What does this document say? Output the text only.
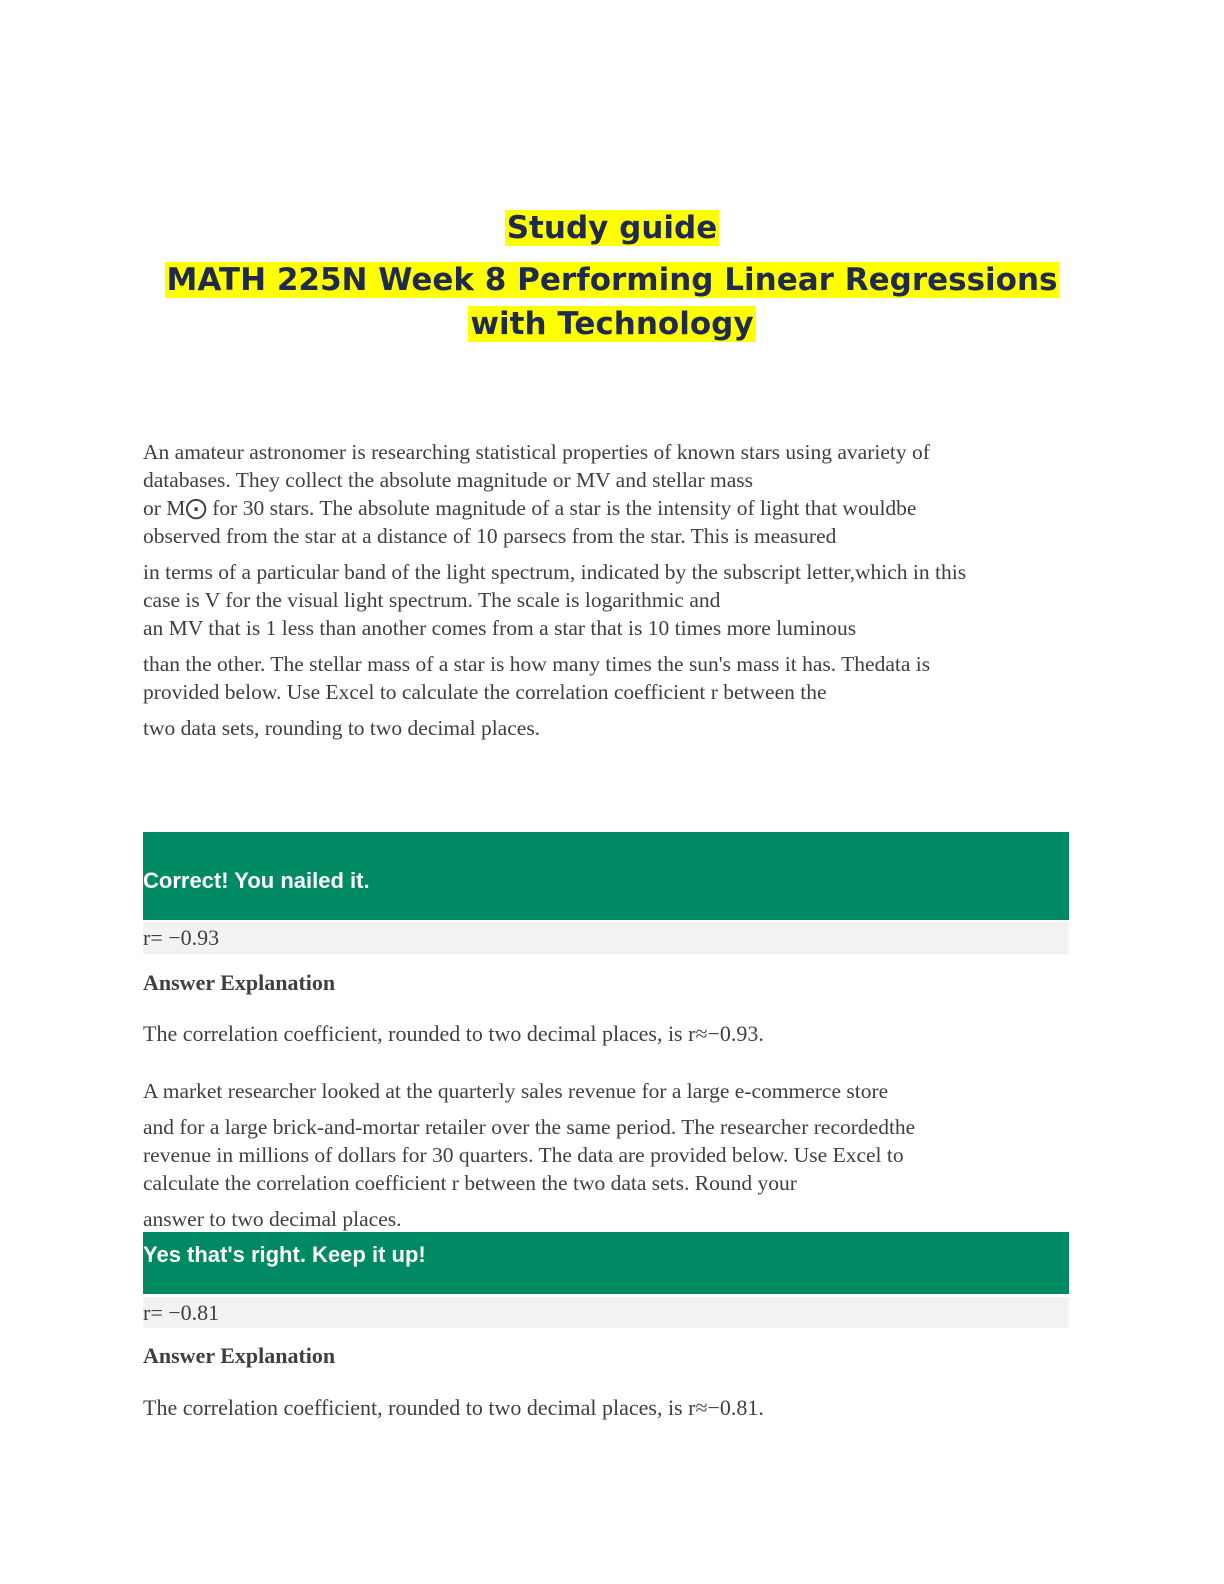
Study guide
MATH 225N Week 8 Performing Linear Regressions
with Technology
An amateur astronomer is researching statistical properties of known stars using avariety of
databases. They collect the absolute magnitude or MV and stellar mass
or M⨀ for 30 stars. The absolute magnitude of a star is the intensity of light that wouldbe
observed from the star at a distance of 10 parsecs from the star. This is measured
in terms of a particular band of the light spectrum, indicated by the subscript letter,which in this
case is V for the visual light spectrum. The scale is logarithmic and
an MV that is 1 less than another comes from a star that is 10 times more luminous
than the other. The stellar mass of a star is how many times the sun's mass it has. Thedata is
provided below. Use Excel to calculate the correlation coefficient r between the
two data sets, rounding to two decimal places.
Correct! You nailed it.
r= −0.93
Answer Explanation
The correlation coefficient, rounded to two decimal places, is r≈−0.93.
A market researcher looked at the quarterly sales revenue for a large e-commerce store
and for a large brick-and-mortar retailer over the same period. The researcher recordedthe
revenue in millions of dollars for 30 quarters. The data are provided below. Use Excel to
calculate the correlation coefficient r between the two data sets. Round your
answer to two decimal places.
Yes that's right. Keep it up!
r= −0.81
Answer Explanation
The correlation coefficient, rounded to two decimal places, is r≈−0.81.
